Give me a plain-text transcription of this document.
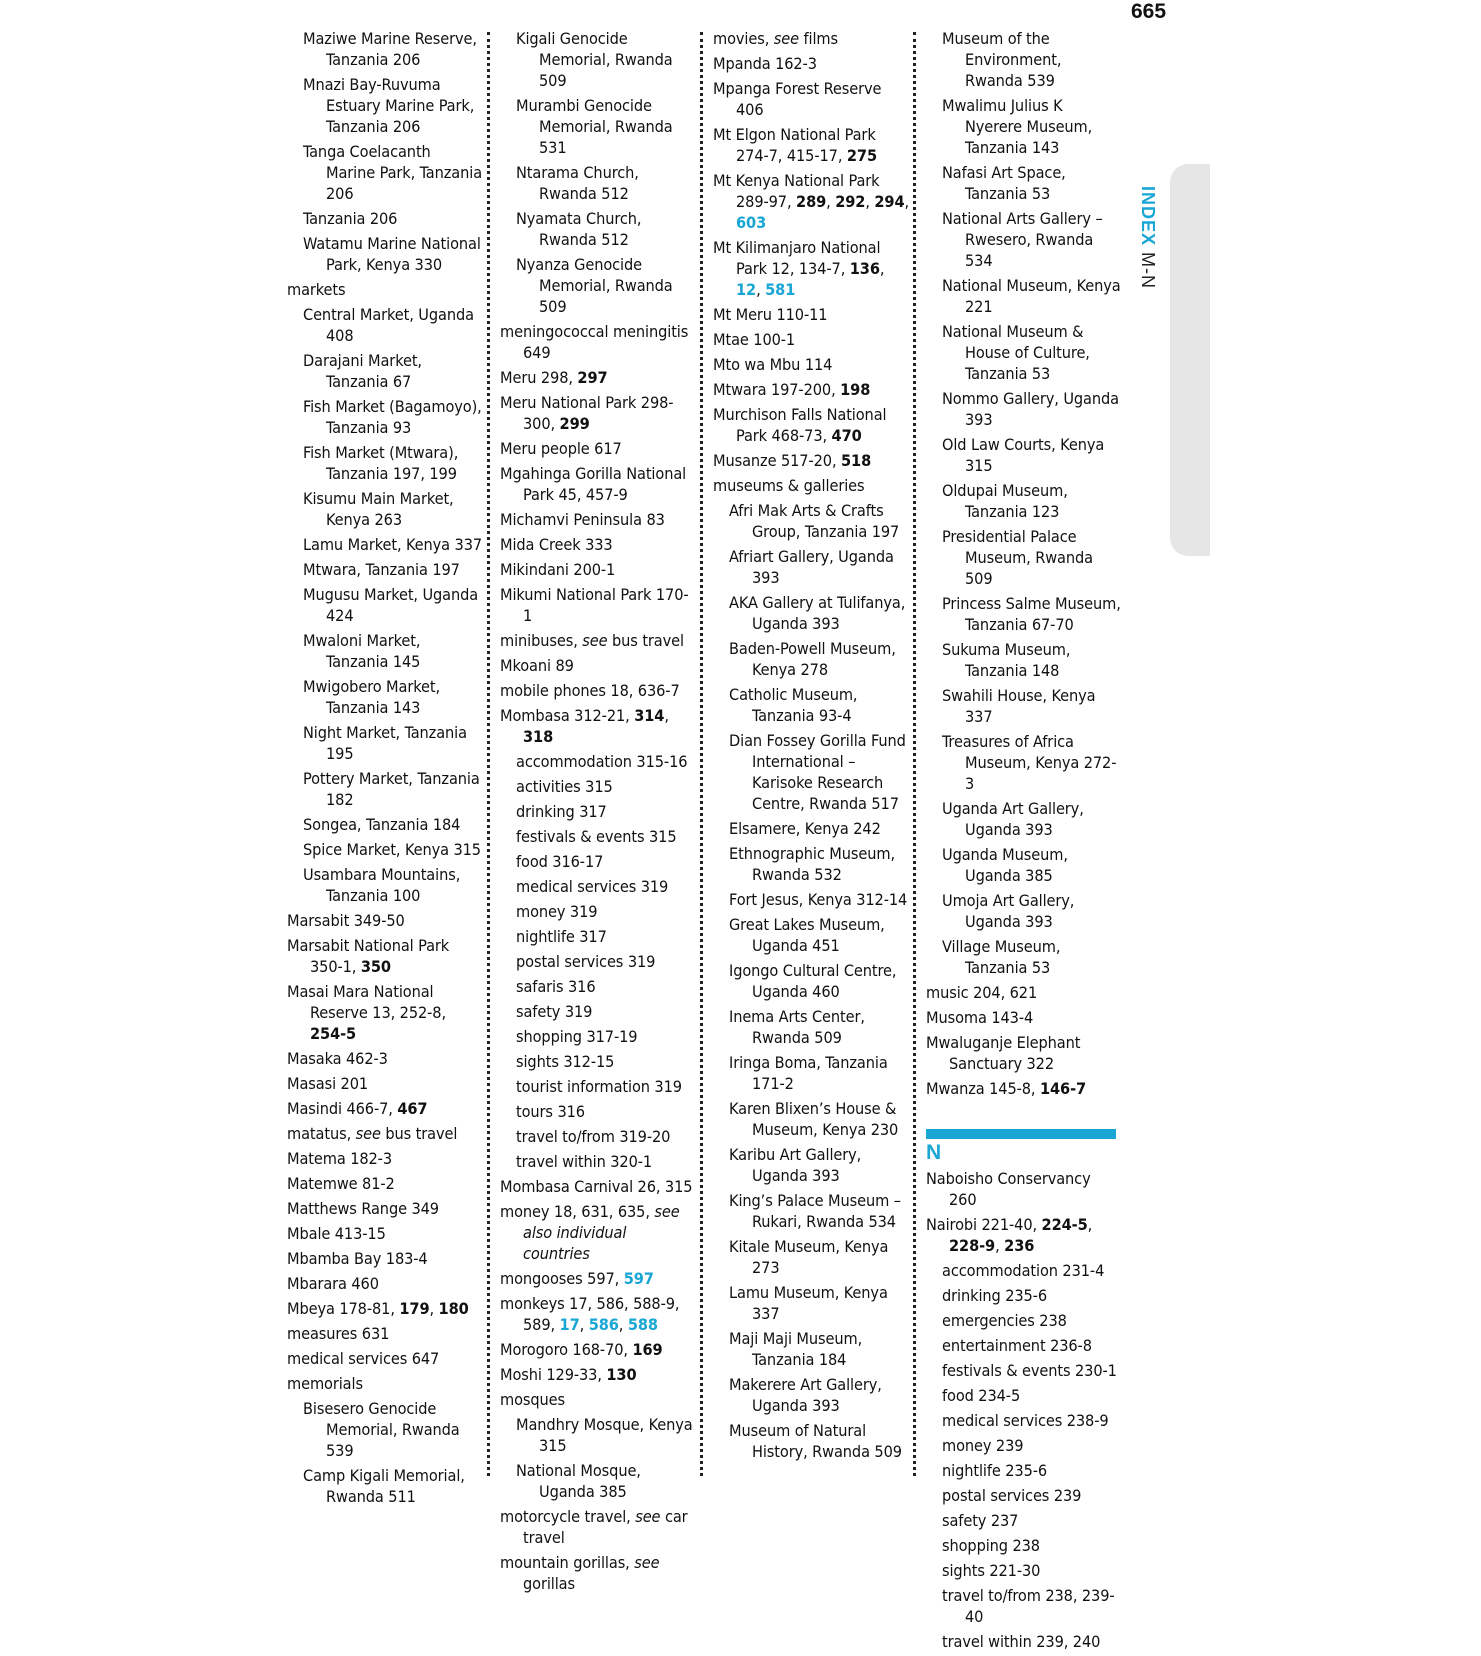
665
INDEXM-N
Maziwe Marine Reserve, Tanzania 206
Mnazi Bay-Ruvuma Estuary Marine Park, Tanzania 206
Tanga Coelacanth Marine Park, Tanzania 206
Tanzania 206
Watamu Marine National Park, Kenya 330
markets
Central Market, Uganda 408
Darajani Market, Tanzania 67
Fish Market (Bagamoyo), Tanzania 93
Fish Market (Mtwara), Tanzania 197, 199
Kisumu Main Market, Kenya 263
Lamu Market, Kenya 337
Mtwara, Tanzania 197
Mugusu Market, Uganda 424
Mwaloni Market, Tanzania 145
Mwigobero Market, Tanzania 143
Night Market, Tanzania 195
Pottery Market, Tanzania 182
Songea, Tanzania 184
Spice Market, Kenya 315
Usambara Mountains, Tanzania 100
Marsabit 349-50
Marsabit National Park 350-1, 350
Masai Mara National Reserve 13, 252-8, 254-5
Masaka 462-3
Masasi 201
Masindi 466-7, 467
matatus, see bus travel
Matema 182-3
Matemwe 81-2
Matthews Range 349
Mbale 413-15
Mbamba Bay 183-4
Mbarara 460
Mbeya 178-81, 179, 180
measures 631
medical services 647
memorials
Bisesero Genocide Memorial, Rwanda 539
Camp Kigali Memorial, Rwanda 511
Kigali Genocide Memorial, Rwanda 509
Murambi Genocide Memorial, Rwanda 531
Ntarama Church, Rwanda 512
Nyamata Church, Rwanda 512
Nyanza Genocide Memorial, Rwanda 509
meningococcal meningitis 649
Meru 298, 297
Meru National Park 298-300, 299
Meru people 617
Mgahinga Gorilla National Park 45, 457-9
Michamvi Peninsula 83
Mida Creek 333
Mikindani 200-1
Mikumi National Park 170-1
minibuses, see bus travel
Mkoani 89
mobile phones 18, 636-7
Mombasa 312-21, 314, 318
accommodation 315-16
activities 315
drinking 317
festivals & events 315
food 316-17
medical services 319
money 319
nightlife 317
postal services 319
safaris 316
safety 319
shopping 317-19
sights 312-15
tourist information 319
tours 316
travel to/from 319-20
travel within 320-1
Mombasa Carnival 26, 315
money 18, 631, 635, see also individual countries
mongooses 597, 597
monkeys 17, 586, 588-9, 589, 17, 586, 588
Morogoro 168-70, 169
Moshi 129-33, 130
mosques
Mandhry Mosque, Kenya 315
National Mosque, Uganda 385
motorcycle travel, see car travel
mountain gorillas, see gorillas
movies, see films
Mpanda 162-3
Mpanga Forest Reserve 406
Mt Elgon National Park 274-7, 415-17, 275
Mt Kenya National Park 289-97, 289, 292, 294, 603
Mt Kilimanjaro National Park 12, 134-7, 136, 12, 581
Mt Meru 110-11
Mtae 100-1
Mto wa Mbu 114
Mtwara 197-200, 198
Murchison Falls National Park 468-73, 470
Musanze 517-20, 518
museums & galleries
Afri Mak Arts & Crafts Group, Tanzania 197
Afriart Gallery, Uganda 393
AKA Gallery at Tulifanya, Uganda 393
Baden-Powell Museum, Kenya 278
Catholic Museum, Tanzania 93-4
Dian Fossey Gorilla Fund International – Karisoke Research Centre, Rwanda 517
Elsamere, Kenya 242
Ethnographic Museum, Rwanda 532
Fort Jesus, Kenya 312-14
Great Lakes Museum, Uganda 451
Igongo Cultural Centre, Uganda 460
Inema Arts Center, Rwanda 509
Iringa Boma, Tanzania 171-2
Karen Blixen’s House & Museum, Kenya 230
Karibu Art Gallery, Uganda 393
King’s Palace Museum – Rukari, Rwanda 534
Kitale Museum, Kenya 273
Lamu Museum, Kenya 337
Maji Maji Museum, Tanzania 184
Makerere Art Gallery, Uganda 393
Museum of Natural History, Rwanda 509
Museum of the Environment, Rwanda 539
Mwalimu Julius K Nyerere Museum, Tanzania 143
Nafasi Art Space, Tanzania 53
National Arts Gallery – Rwesero, Rwanda 534
National Museum, Kenya 221
National Museum & House of Culture, Tanzania 53
Nommo Gallery, Uganda 393
Old Law Courts, Kenya 315
Oldupai Museum, Tanzania 123
Presidential Palace Museum, Rwanda 509
Princess Salme Museum, Tanzania 67-70
Sukuma Museum, Tanzania 148
Swahili House, Kenya 337
Treasures of Africa Museum, Kenya 272-3
Uganda Art Gallery, Uganda 393
Uganda Museum, Uganda 385
Umoja Art Gallery, Uganda 393
Village Museum, Tanzania 53
music 204, 621
Musoma 143-4
Mwaluganje Elephant Sanctuary 322
Mwanza 145-8, 146-7
N
Naboisho Conservancy 260
Nairobi 221-40, 224-5, 228-9, 236
accommodation 231-4
drinking 235-6
emergencies 238
entertainment 236-8
festivals & events 230-1
food 234-5
medical services 238-9
money 239
nightlife 235-6
postal services 239
safety 237
shopping 238
sights 221-30
travel to/from 238, 239-40
travel within 239, 240
